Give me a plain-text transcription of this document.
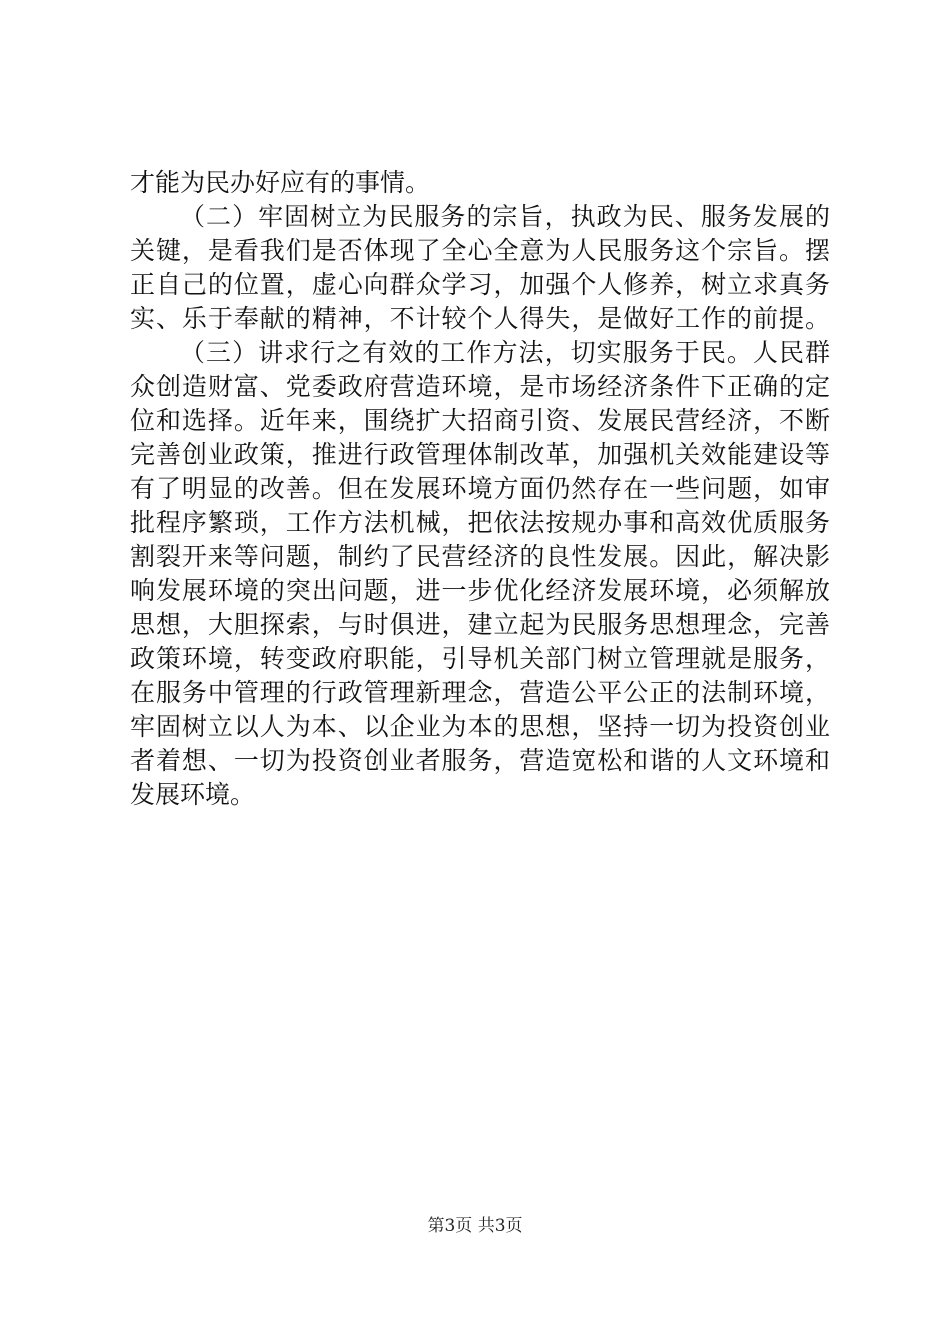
才能为民办好应有的事情。
（二）牢固树立为民服务的宗旨，执政为民、服务发展的
关键，是看我们是否体现了全心全意为人民服务这个宗旨。摆
正自己的位置，虚心向群众学习，加强个人修养，树立求真务
实、乐于奉献的精神，不计较个人得失，是做好工作的前提。
（三）讲求行之有效的工作方法，切实服务于民。人民群
众创造财富、党委政府营造环境，是市场经济条件下正确的定
位和选择。近年来，围绕扩大招商引资、发展民营经济，不断
完善创业政策，推进行政管理体制改革，加强机关效能建设等
有了明显的改善。但在发展环境方面仍然存在一些问题，如审
批程序繁琐，工作方法机械，把依法按规办事和高效优质服务
割裂开来等问题，制约了民营经济的良性发展。因此，解决影
响发展环境的突出问题，进一步优化经济发展环境，必须解放
思想，大胆探索，与时俱进，建立起为民服务思想理念，完善
政策环境，转变政府职能，引导机关部门树立管理就是服务，
在服务中管理的行政管理新理念，营造公平公正的法制环境，
牢固树立以人为本、以企业为本的思想，坚持一切为投资创业
者着想、一切为投资创业者服务，营造宽松和谐的人文环境和
发展环境。
第3页 共3页
